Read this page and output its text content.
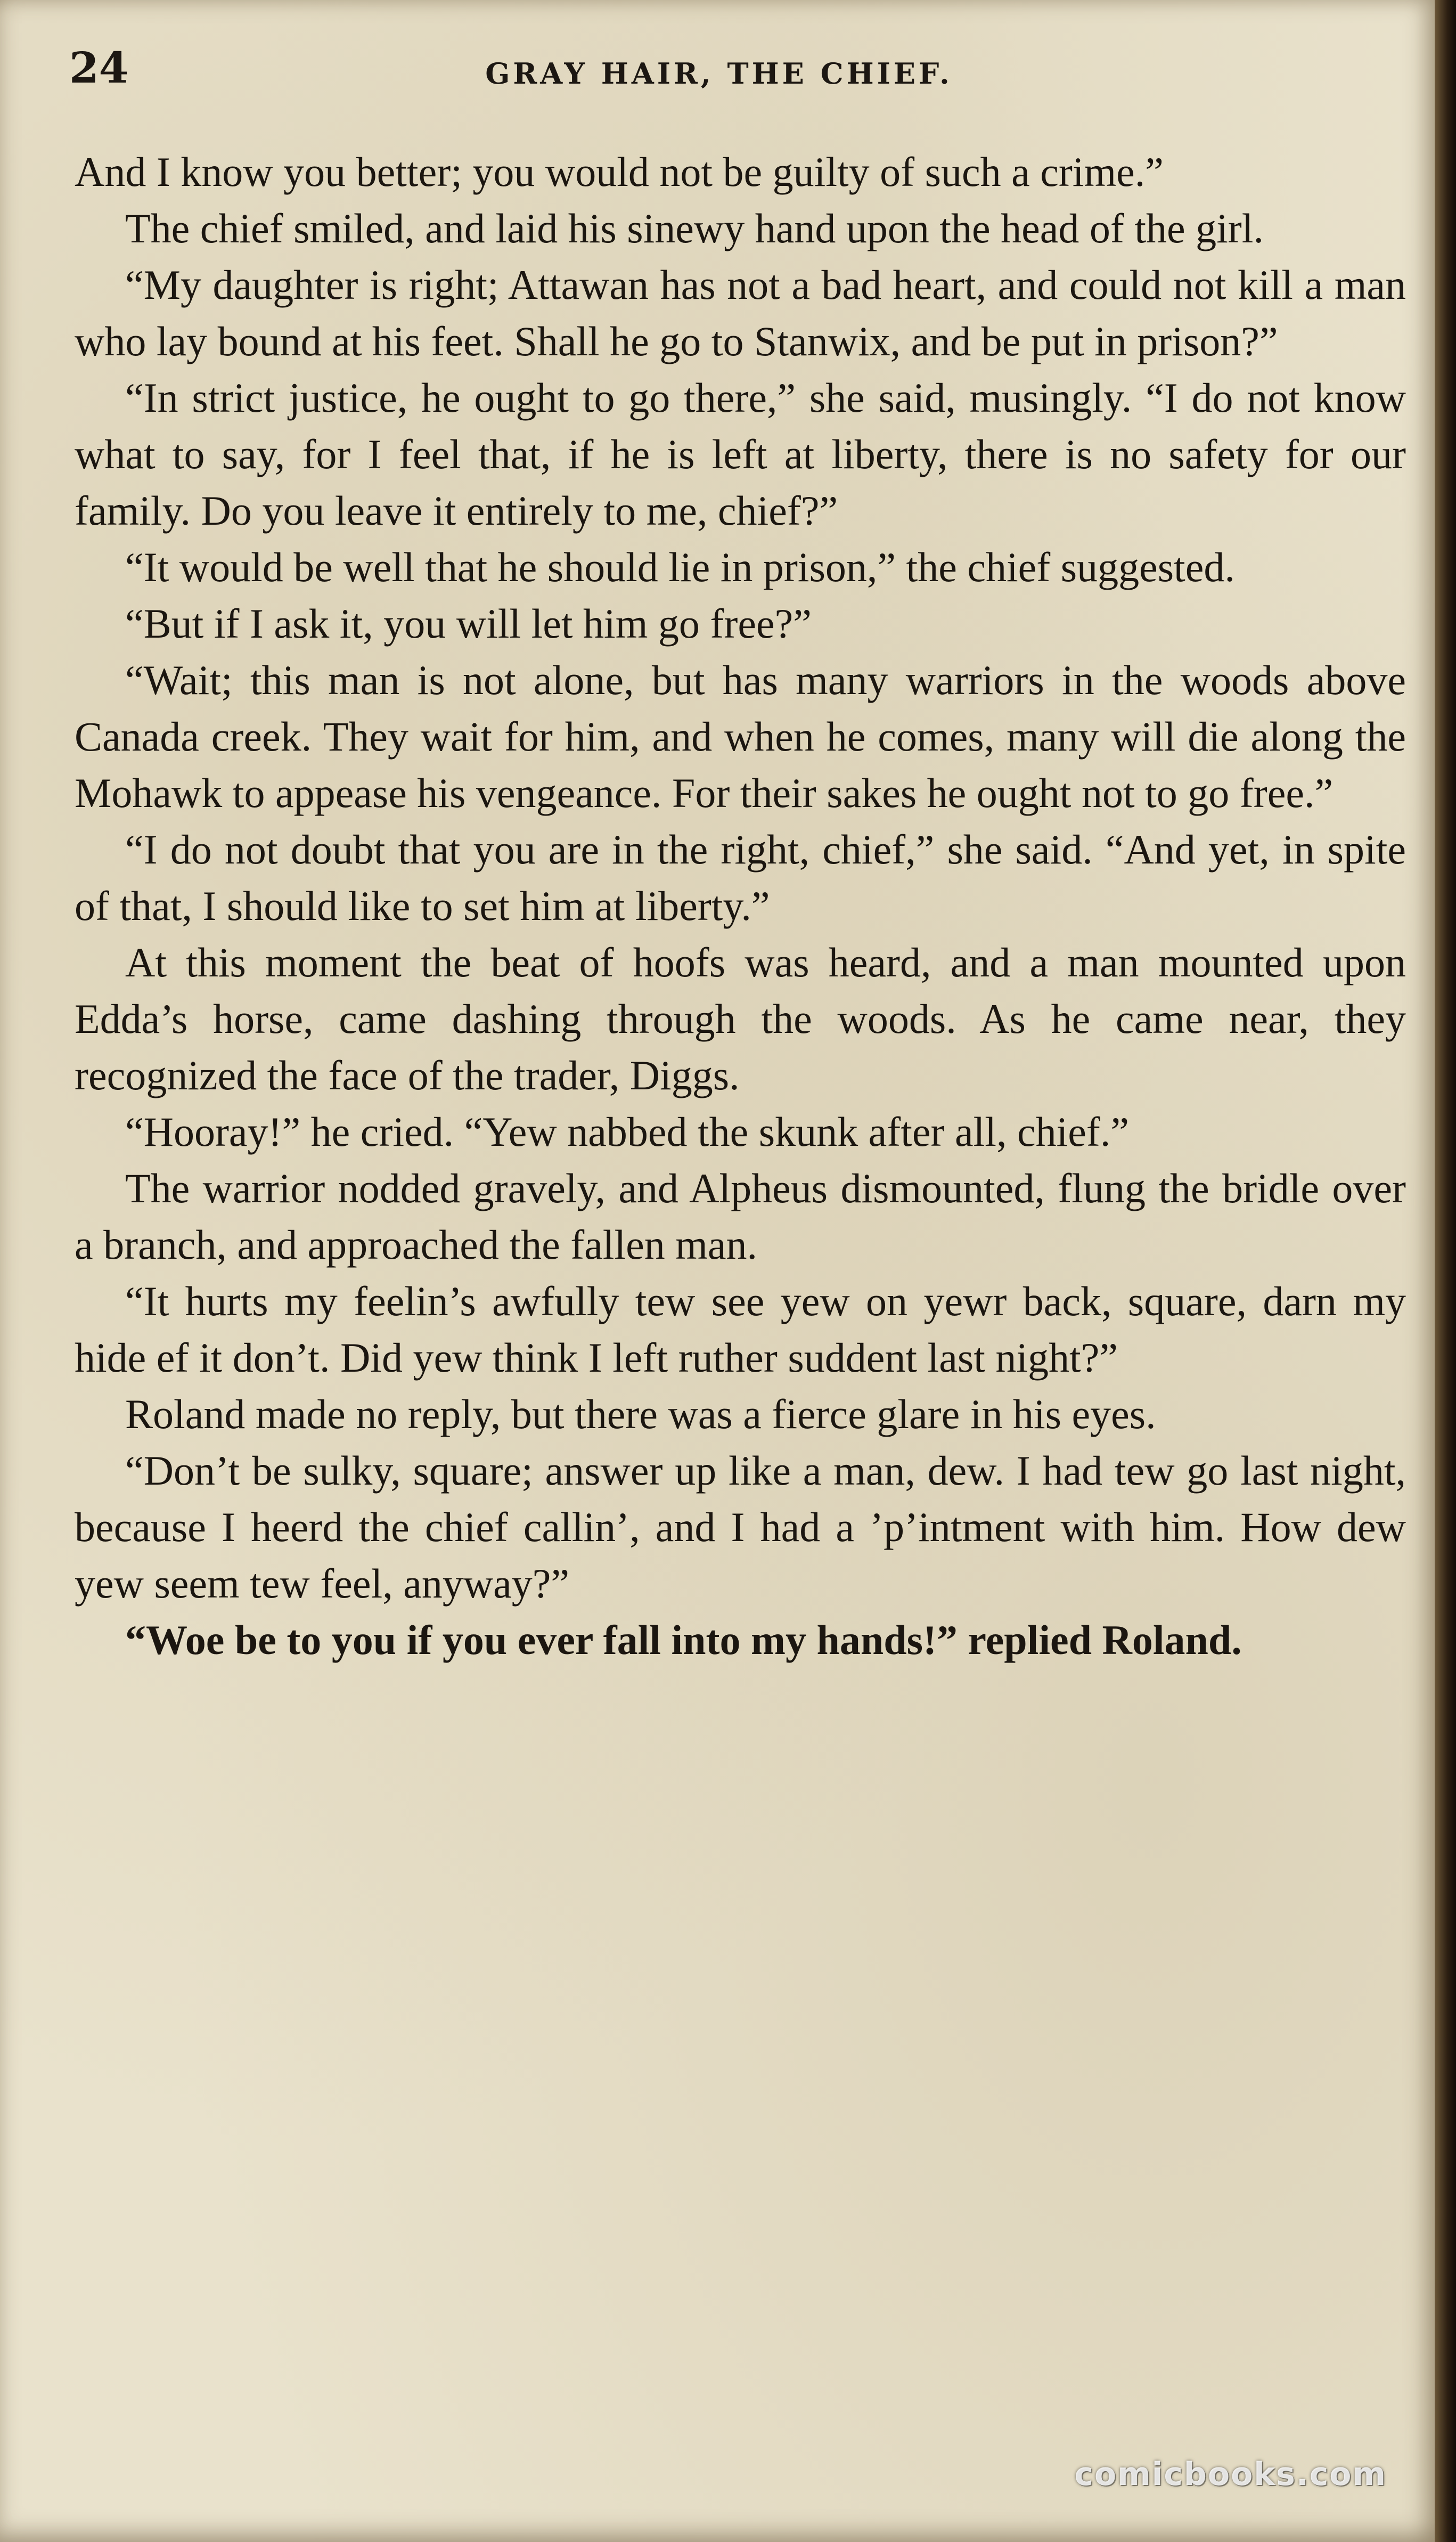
24	GRAY HAIR, THE CHIEF.

And I know you better; you would not be guilty of such a crime.”

The chief smiled, and laid his sinewy hand upon the head of the girl.

“My daughter is right; Attawan has not a bad heart, and could not kill a man who lay bound at his feet. Shall he go to Stanwix, and be put in prison?”

“In strict justice, he ought to go there,” she said, musingly. “I do not know what to say, for I feel that, if he is left at liberty, there is no safety for our family. Do you leave it entirely to me, chief?”

“It would be well that he should lie in prison,” the chief suggested.

“But if I ask it, you will let him go free?”

“Wait; this man is not alone, but has many warriors in the woods above Canada creek. They wait for him, and when he comes, many will die along the Mohawk to appease his vengeance. For their sakes he ought not to go free.”

“I do not doubt that you are in the right, chief,” she said. “And yet, in spite of that, I should like to set him at liberty.”

At this moment the beat of hoofs was heard, and a man mounted upon Edda’s horse, came dashing through the woods. As he came near, they recognized the face of the trader, Diggs.

“Hooray!” he cried. “Yew nabbed the skunk after all, chief.”

The warrior nodded gravely, and Alpheus dismounted, flung the bridle over a branch, and approached the fallen man.

“It hurts my feelin’s awfully tew see yew on yewr back, square, darn my hide ef it don’t. Did yew think I left ruther suddent last night?”

Roland made no reply, but there was a fierce glare in his eyes.

“Don’t be sulky, square; answer up like a man, dew. I had tew go last night, because I heerd the chief callin’, and I had a ’p’intment with him. How dew yew seem tew feel, anyway?”

“Woe be to you if you ever fall into my hands!” replied Roland.

comicbooks.com
